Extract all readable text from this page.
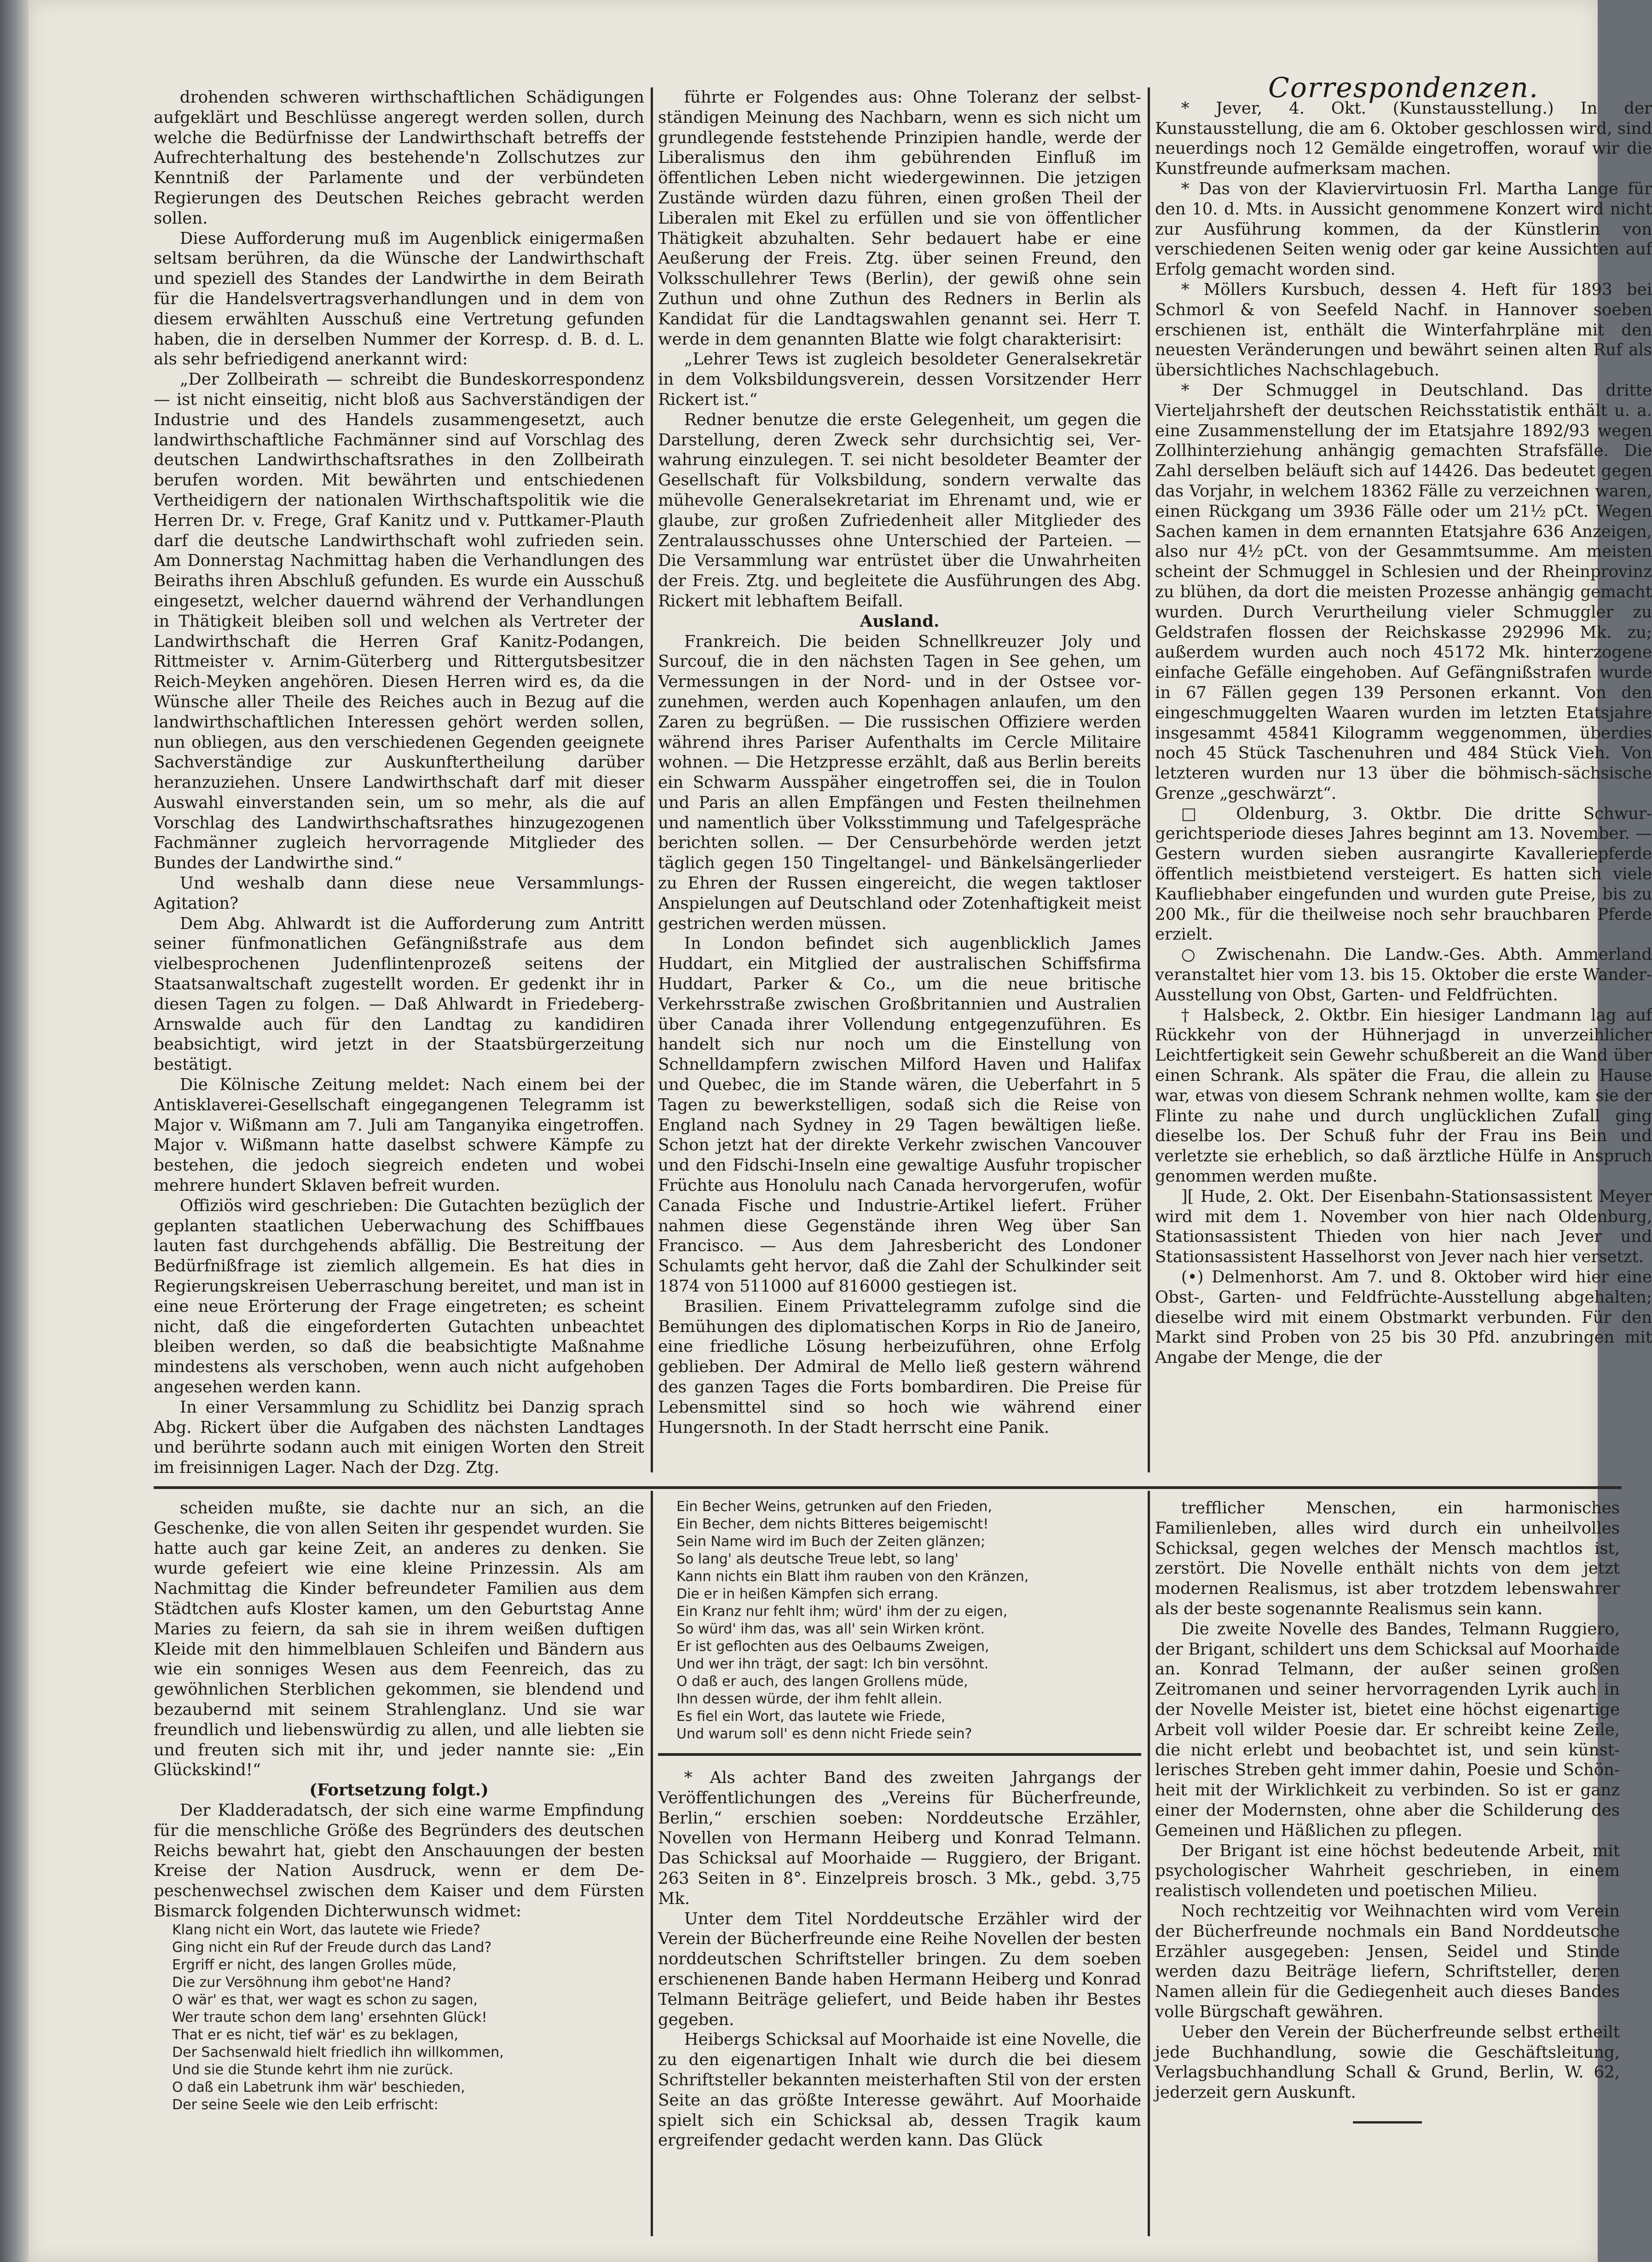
drohenden schweren wirthschaftlichen Schädigungen aufgeklärt und Beschlüsse angeregt werden sollen, durch welche die Bedürfnisse der Landwirthschaft betreffs der Aufrechterhaltung des bestehende'n Zollschutzes zur Kenntniß der Parlamente und der verbündeten Regierungen des Deutschen Reiches gebracht werden sollen.

Diese Aufforderung muß im Augenblick einigermaßen seltsam berühren, da die Wünsche der Landwirthschaft und speziell des Standes der Landwirthe in dem Beirath für die Handelsvertragsverhandlungen und in dem von diesem erwählten Ausschuß eine Vertretung gefunden haben, die in derselben Nummer der Korresp. d. B. d. L. als sehr befriedigend anerkannt wird:

„Der Zollbeirath — schreibt die Bundeskorrespondenz — ist nicht einseitig, nicht bloß aus Sachverständigen der Industrie und des Handels zusammengesetzt, auch landwirthschaftliche Fachmänner sind auf Vorschlag des deutschen Landwirthschaftsrathes in den Zollbeirath berufen worden. Mit bewährten und entschiedenen Vertheidigern der nationalen Wirthschaftspolitik wie die Herren Dr. v. Frege, Graf Kanitz und v. Puttkamer-Plauth darf die deutsche Landwirthschaft wohl zufrieden sein. Am Donnerstag Nachmittag haben die Verhandlungen des Beiraths ihren Abschluß gefunden. Es wurde ein Ausschuß eingesetzt, welcher dauernd während der Verhandlungen in Thätigkeit bleiben soll und welchen als Vertreter der Landwirthschaft die Herren Graf Kanitz-Podangen, Rittmeister v. Arnim-Güterberg und Rittergutsbesitzer Reich-Meyken angehören. Diesen Herren wird es, da die Wünsche aller Theile des Reiches auch in Bezug auf die landwirthschaftlichen Interessen gehört werden sollen, nun obliegen, aus den verschiedenen Gegenden geeignete Sachverständige zur Auskunftertheilung darüber heranzuziehen. Unsere Landwirthschaft darf mit dieser Auswahl einverstanden sein, um so mehr, als die auf Vorschlag des Landwirthschaftsrathes hinzugezogenen Fachmänner zugleich hervorragende Mitglieder des Bundes der Landwirthe sind.“

Und weshalb dann diese neue Versammlungs-Agitation?

Dem Abg. Ahlwardt ist die Aufforderung zum Antritt seiner fünfmonatlichen Gefängnißstrafe aus dem vielbesprochenen Judenflintenprozeß seitens der Staatsanwaltschaft zugestellt worden. Er gedenkt ihr in diesen Tagen zu folgen. — Daß Ahlwardt in Friedeberg-Arnswalde auch für den Landtag zu kandidiren beabsichtigt, wird jetzt in der Staatsbürgerzeitung bestätigt.

Die Kölnische Zeitung meldet: Nach einem bei der Antisklaverei-Gesellschaft eingegangenen Telegramm ist Major v. Wißmann am 7. Juli am Tanganyika eingetroffen. Major v. Wißmann hatte daselbst schwere Kämpfe zu bestehen, die jedoch siegreich endeten und wobei mehrere hundert Sklaven befreit wurden.

Offiziös wird geschrieben: Die Gutachten bezüglich der geplanten staatlichen Ueberwachung des Schiffbaues lauten fast durchgehends abfällig. Die Bestreitung der Bedürfnißfrage ist ziemlich allgemein. Es hat dies in Regierungskreisen Ueberraschung bereitet, und man ist in eine neue Erörterung der Frage eingetreten; es scheint nicht, daß die eingeforderten Gutachten unbeachtet bleiben werden, so daß die beabsichtigte Maßnahme mindestens als verschoben, wenn auch nicht aufgehoben angesehen werden kann.

In einer Versammlung zu Schidlitz bei Danzig sprach Abg. Rickert über die Aufgaben des nächsten Landtages und berührte sodann auch mit einigen Worten den Streit im freisinnigen Lager. Nach der Dzg. Ztg.

führte er Folgendes aus: Ohne Toleranz der selbstständigen Meinung des Nachbarn, wenn es sich nicht um grundlegende feststehende Prinzipien handle, werde der Liberalismus den ihm gebührenden Einfluß im öffentlichen Leben nicht wiedergewinnen. Die jetzigen Zustände würden dazu führen, einen großen Theil der Liberalen mit Ekel zu erfüllen und sie von öffentlicher Thätigkeit abzuhalten. Sehr bedauert habe er eine Aeußerung der Freis. Ztg. über seinen Freund, den Volksschullehrer Tews (Berlin), der gewiß ohne sein Zuthun und ohne Zuthun des Redners in Berlin als Kandidat für die Landtagswahlen genannt sei. Herr T. werde in dem genannten Blatte wie folgt charakterisirt:

„Lehrer Tews ist zugleich besoldeter Generalsekretär in dem Volksbildungsverein, dessen Vorsitzender Herr Rickert ist.“

Redner benutze die erste Gelegenheit, um gegen die Darstellung, deren Zweck sehr durchsichtig sei, Verwahrung einzulegen. T. sei nicht besoldeter Beamter der Gesellschaft für Volksbildung, sondern verwalte das mühevolle Generalsekretariat im Ehrenamt und, wie er glaube, zur großen Zufriedenheit aller Mitglieder des Zentralausschusses ohne Unterschied der Parteien. — Die Versammlung war entrüstet über die Unwahrheiten der Freis. Ztg. und begleitete die Ausführungen des Abg. Rickert mit lebhaftem Beifall.

Ausland.

Frankreich. Die beiden Schnellkreuzer Joly und Surcouf, die in den nächsten Tagen in See gehen, um Vermessungen in der Nord- und in der Ostsee vorzunehmen, werden auch Kopenhagen anlaufen, um den Zaren zu begrüßen. — Die russischen Offiziere werden während ihres Pariser Aufenthalts im Cercle Militaire wohnen. — Die Hetzpresse erzählt, daß aus Berlin bereits ein Schwarm Ausspäher eingetroffen sei, die in Toulon und Paris an allen Empfängen und Festen theilnehmen und namentlich über Volksstimmung und Tafelgespräche berichten sollen. — Der Censurbehörde werden jetzt täglich gegen 150 Tingeltangel- und Bänkelsängerlieder zu Ehren der Russen eingereicht, die wegen taktloser Anspielungen auf Deutschland oder Zotenhaftigkeit meist gestrichen werden müssen.

In London befindet sich augenblicklich James Huddart, ein Mitglied der australischen Schiffsfirma Huddart, Parker & Co., um die neue britische Verkehrsstraße zwischen Großbritannien und Australien über Canada ihrer Vollendung entgegenzuführen. Es handelt sich nur noch um die Einstellung von Schnelldampfern zwischen Milford Haven und Halifax und Quebec, die im Stande wären, die Ueberfahrt in 5 Tagen zu bewerkstelligen, sodaß sich die Reise von England nach Sydney in 29 Tagen bewältigen ließe. Schon jetzt hat der direkte Verkehr zwischen Vancouver und den Fidschi-Inseln eine gewaltige Ausfuhr tropischer Früchte aus Honolulu nach Canada hervorgerufen, wofür Canada Fische und Industrie-Artikel liefert. Früher nahmen diese Gegenstände ihren Weg über San Francisco. — Aus dem Jahresbericht des Londoner Schulamts geht hervor, daß die Zahl der Schulkinder seit 1874 von 511000 auf 816000 gestiegen ist.

Brasilien. Einem Privattelegramm zufolge sind die Bemühungen des diplomatischen Korps in Rio de Janeiro, eine friedliche Lösung herbeizuführen, ohne Erfolg geblieben. Der Admiral de Mello ließ gestern während des ganzen Tages die Forts bombardiren. Die Preise für Lebensmittel sind so hoch wie während einer Hungersnoth. In der Stadt herrscht eine Panik.

Correspondenzen.

* Jever, 4. Okt. (Kunstausstellung.) In der Kunstausstellung, die am 6. Oktober geschlossen wird, sind neuerdings noch 12 Gemälde eingetroffen, worauf wir die Kunstfreunde aufmerksam machen.

* Das von der Klaviervirtuosin Frl. Martha Lange für den 10. d. Mts. in Aussicht genommene Konzert wird nicht zur Ausführung kommen, da der Künstlerin von verschiedenen Seiten wenig oder gar keine Aussichten auf Erfolg gemacht worden sind.

* Möllers Kursbuch, dessen 4. Heft für 1893 bei Schmorl & von Seefeld Nachf. in Hannover soeben erschienen ist, enthält die Winterfahrpläne mit den neuesten Veränderungen und bewährt seinen alten Ruf als übersichtliches Nachschlagebuch.

* Der Schmuggel in Deutschland. Das dritte Vierteljahrsheft der deutschen Reichsstatistik enthält u. a. eine Zusammenstellung der im Etatsjahre 1892/93 wegen Zollhinterziehung anhängig gemachten Strafsfälle. Die Zahl derselben beläuft sich auf 14426. Das bedeutet gegen das Vorjahr, in welchem 18362 Fälle zu verzeichnen waren, einen Rückgang um 3936 Fälle oder um 21½ pCt. Wegen Sachen kamen in dem ernannten Etatsjahre 636 Anzeigen, also nur 4½ pCt. von der Gesammtsumme. Am meisten scheint der Schmuggel in Schlesien und der Rheinprovinz zu blühen, da dort die meisten Prozesse anhängig gemacht wurden. Durch Verurtheilung vieler Schmuggler zu Geldstrafen flossen der Reichskasse 292996 Mk. zu; außerdem wurden auch noch 45172 Mk. hinterzogene einfache Gefälle eingehoben. Auf Gefängnißstrafen wurde in 67 Fällen gegen 139 Personen erkannt. Von den eingeschmuggelten Waaren wurden im letzten Etatsjahre insgesammt 45841 Kilogramm weggenommen, überdies noch 45 Stück Taschenuhren und 484 Stück Vieh. Von letzteren wurden nur 13 über die böhmisch-sächsische Grenze „geschwärzt“.

□ Oldenburg, 3. Oktbr. Die dritte Schwurgerichtsperiode dieses Jahres beginnt am 13. November. — Gestern wurden sieben ausrangirte Kavalleriepferde öffentlich meistbietend versteigert. Es hatten sich viele Kaufliebhaber eingefunden und wurden gute Preise, bis zu 200 Mk., für die theilweise noch sehr brauchbaren Pferde erzielt.

○ Zwischenahn. Die Landw.-Ges. Abth. Ammerland veranstaltet hier vom 13. bis 15. Oktober die erste Wander-Ausstellung von Obst, Garten- und Feldfrüchten.

† Halsbeck, 2. Oktbr. Ein hiesiger Landmann lag auf Rückkehr von der Hühnerjagd in unverzeihlicher Leichtfertigkeit sein Gewehr schußbereit an die Wand über einen Schrank. Als später die Frau, die allein zu Hause war, etwas von diesem Schrank nehmen wollte, kam sie der Flinte zu nahe und durch unglücklichen Zufall ging dieselbe los. Der Schuß fuhr der Frau ins Bein und verletzte sie erheblich, so daß ärztliche Hülfe in Anspruch genommen werden mußte.

][ Hude, 2. Okt. Der Eisenbahn-Stationsassistent Meyer wird mit dem 1. November von hier nach Oldenburg, Stationsassistent Thieden von hier nach Jever und Stationsassistent Hasselhorst von Jever nach hier versetzt.

(•) Delmenhorst. Am 7. und 8. Oktober wird hier eine Obst-, Garten- und Feldfrüchte-Ausstellung abgehalten; dieselbe wird mit einem Obstmarkt verbunden. Für den Markt sind Proben von 25 bis 30 Pfd. anzubringen mit Angabe der Menge, die der

scheiden mußte, sie dachte nur an sich, an die Geschenke, die von allen Seiten ihr gespendet wurden. Sie hatte auch gar keine Zeit, an anderes zu denken. Sie wurde gefeiert wie eine kleine Prinzessin. Als am Nachmittag die Kinder befreundeter Familien aus dem Städtchen aufs Kloster kamen, um den Geburtstag Anne Maries zu feiern, da sah sie in ihrem weißen duftigen Kleide mit den himmelblauen Schleifen und Bändern aus wie ein sonniges Wesen aus dem Feenreich, das zu gewöhnlichen Sterblichen gekommen, sie blendend und bezaubernd mit seinem Strahlenglanz. Und sie war freundlich und liebenswürdig zu allen, und alle liebten sie und freuten sich mit ihr, und jeder nannte sie: „Ein Glückskind!“

(Fortsetzung folgt.)

Der Kladderadatsch, der sich eine warme Empfindung für die menschliche Größe des Begründers des deutschen Reichs bewahrt hat, giebt den Anschauungen der besten Kreise der Nation Ausdruck, wenn er dem Depeschenwechsel zwischen dem Kaiser und dem Fürsten Bismarck folgenden Dichterwunsch widmet:

Klang nicht ein Wort, das lautete wie Friede?

Ging nicht ein Ruf der Freude durch das Land?

Ergriff er nicht, des langen Grolles müde,

Die zur Versöhnung ihm gebot'ne Hand?

O wär' es that, wer wagt es schon zu sagen,

Wer traute schon dem lang' ersehnten Glück!

That er es nicht, tief wär' es zu beklagen,

Der Sachsenwald hielt friedlich ihn willkommen,

Und sie die Stunde kehrt ihm nie zurück.

O daß ein Labetrunk ihm wär' beschieden,

Der seine Seele wie den Leib erfrischt:

Ein Becher Weins, getrunken auf den Frieden,

Ein Becher, dem nichts Bitteres beigemischt!

Sein Name wird im Buch der Zeiten glänzen;

So lang' als deutsche Treue lebt, so lang'

Kann nichts ein Blatt ihm rauben von den Kränzen,

Die er in heißen Kämpfen sich errang.

Ein Kranz nur fehlt ihm; würd' ihm der zu eigen,

So würd' ihm das, was all' sein Wirken krönt.

Er ist geflochten aus des Oelbaums Zweigen,

Und wer ihn trägt, der sagt: Ich bin versöhnt.

O daß er auch, des langen Grollens müde,

Ihn dessen würde, der ihm fehlt allein.

Es fiel ein Wort, das lautete wie Friede,

Und warum soll' es denn nicht Friede sein?

* Als achter Band des zweiten Jahrgangs der Veröffentlichungen des „Vereins für Bücherfreunde, Berlin,“ erschien soeben: Norddeutsche Erzähler, Novellen von Hermann Heiberg und Konrad Telmann. Das Schicksal auf Moorhaide — Ruggiero, der Brigant. 263 Seiten in 8°. Einzelpreis brosch. 3 Mk., gebd. 3,75 Mk.

Unter dem Titel Norddeutsche Erzähler wird der Verein der Bücherfreunde eine Reihe Novellen der besten norddeutschen Schriftsteller bringen. Zu dem soeben erschienenen Bande haben Hermann Heiberg und Konrad Telmann Beiträge geliefert, und Beide haben ihr Bestes gegeben.

Heibergs Schicksal auf Moorhaide ist eine Novelle, die zu den eigenartigen Inhalt wie durch die bei diesem Schriftsteller bekannten meisterhaften Stil von der ersten Seite an das größte Interesse gewährt. Auf Moorhaide spielt sich ein Schicksal ab, dessen Tragik kaum ergreifender gedacht werden kann. Das Glück

trefflicher Menschen, ein harmonisches Familienleben, alles wird durch ein unheilvolles Schicksal, gegen welches der Mensch machtlos ist, zerstört. Die Novelle enthält nichts von dem jetzt modernen Realismus, ist aber trotzdem lebenswahrer als der beste sogenannte Realismus sein kann.

Die zweite Novelle des Bandes, Telmann Ruggiero, der Brigant, schildert uns dem Schicksal auf Moorhaide an. Konrad Telmann, der außer seinen großen Zeitromanen und seiner hervorragenden Lyrik auch in der Novelle Meister ist, bietet eine höchst eigenartige Arbeit voll wilder Poesie dar. Er schreibt keine Zeile, die nicht erlebt und beobachtet ist, und sein künstlerisches Streben geht immer dahin, Poesie und Schönheit mit der Wirklichkeit zu verbinden. So ist er ganz einer der Modernsten, ohne aber die Schilderung des Gemeinen und Häßlichen zu pflegen.

Der Brigant ist eine höchst bedeutende Arbeit, mit psychologischer Wahrheit geschrieben, in einem realistisch vollendeten und poetischen Milieu.

Noch rechtzeitig vor Weihnachten wird vom Verein der Bücherfreunde nochmals ein Band Norddeutsche Erzähler ausgegeben: Jensen, Seidel und Stinde werden dazu Beiträge liefern, Schriftsteller, deren Namen allein für die Gediegenheit auch dieses Bandes volle Bürgschaft gewähren.

Ueber den Verein der Bücherfreunde selbst ertheilt jede Buchhandlung, sowie die Geschäftsleitung, Verlagsbuchhandlung Schall & Grund, Berlin, W. 62, jederzeit gern Auskunft.
